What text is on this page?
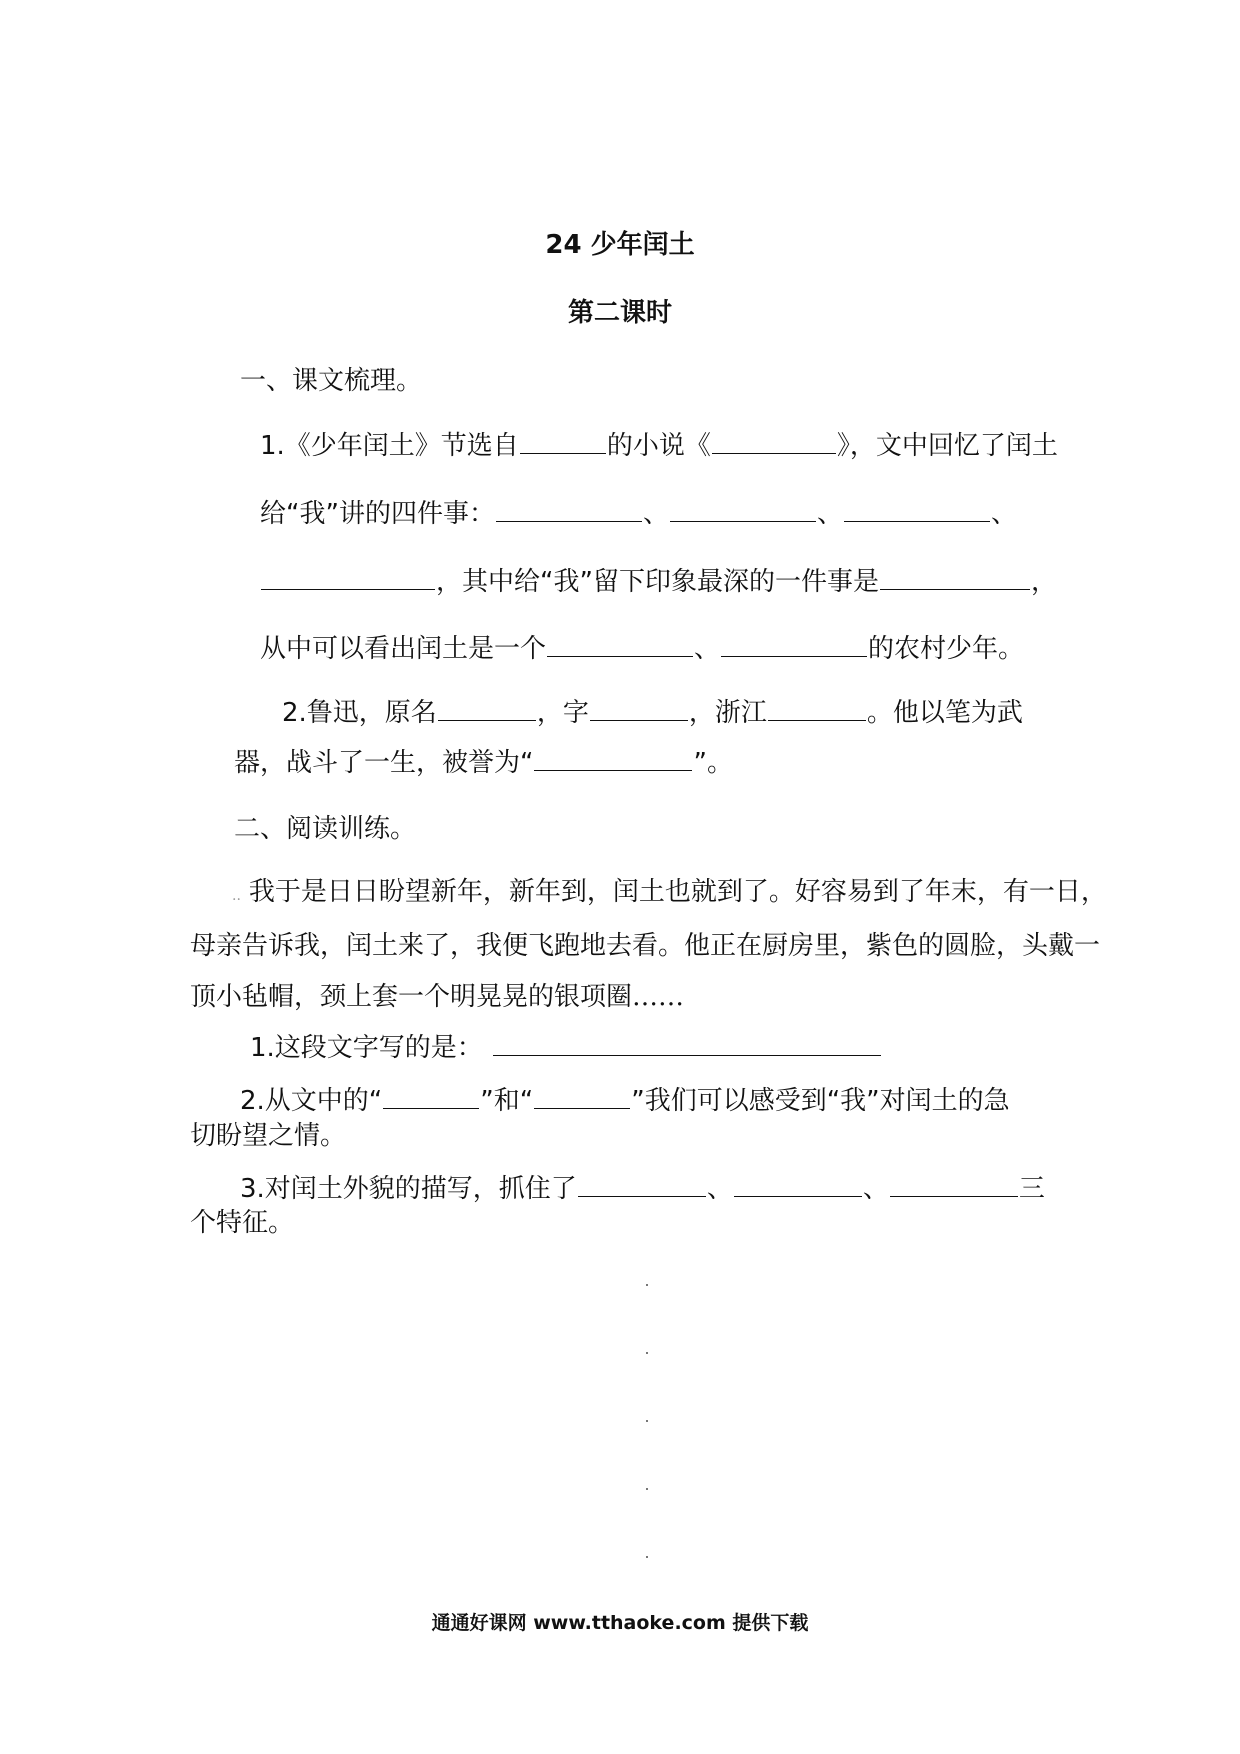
24 少年闰土
第二课时
一、课文梳理。
1.《少年闰土》节选自	的小说《	》，文中回忆了闰土
给“我”讲的四件事：	、	、	、
，其中给“我”留下印象最深的一件事是	，
从中可以看出闰土是一个	、	的农村少年。
2.鲁迅，原名	，字	，浙江	。他以笔为武
器，战斗了一生，被誉为“	”。
二、阅读训练。
.. 我于是日日盼望新年，新年到，闰土也就到了。好容易到了年末，有一日，
母亲告诉我，闰土来了，我便飞跑地去看。他正在厨房里，紫色的圆脸，头戴一
顶小毡帽，颈上套一个明晃晃的银项圈……
1.这段文字写的是：
2.从文中的“	”和“	”我们可以感受到“我”对闰土的急
切盼望之情。
3.对闰土外貌的描写，抓住了	、	、	三
个特征。
通通好课网 www.tthaoke.com 提供下载
